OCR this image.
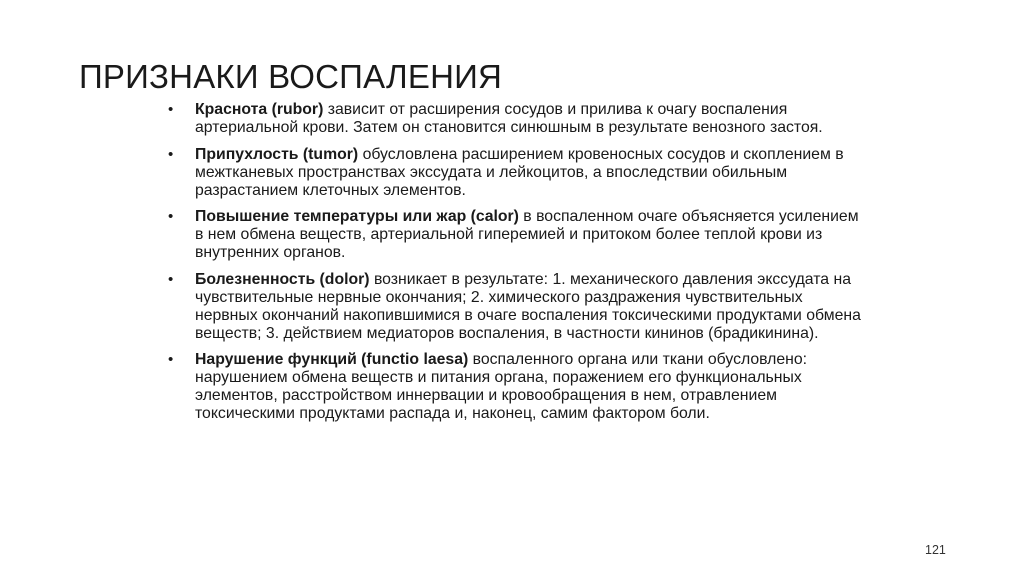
ПРИЗНАКИ ВОСПАЛЕНИЯ
• Краснота (rubor) зависит от расширения сосудов и прилива к очагу воспаления артериальной крови. Затем он становится синюшным в результате венозного застоя.
• Припухлость (tumor) обусловлена расширением кровеносных сосудов и скоплением в межтканевых пространствах экссудата и лейкоцитов, а впоследствии обильным разрастанием клеточных элементов.
• Повышение температуры или жар (calor) в воспаленном очаге объясняется усилением в нем обмена веществ, артериальной гиперемией и притоком более теплой крови из внутренних органов.
• Болезненность (dolor) возникает в результате: 1. механического давления экссудата на чувствительные нервные окончания; 2. химического раздражения чувствительных нервных окончаний накопившимися в очаге воспаления токсическими продуктами обмена веществ; 3. действием медиаторов воспаления, в частности кининов (брадикинина).
• Нарушение функций (functio laesa) воспаленного органа или ткани обусловлено: нарушением обмена веществ и питания органа, поражением его функциональных элементов, расстройством иннервации и кровообращения в нем, отравлением токсическими продуктами распада и, наконец, самим фактором боли.
121
